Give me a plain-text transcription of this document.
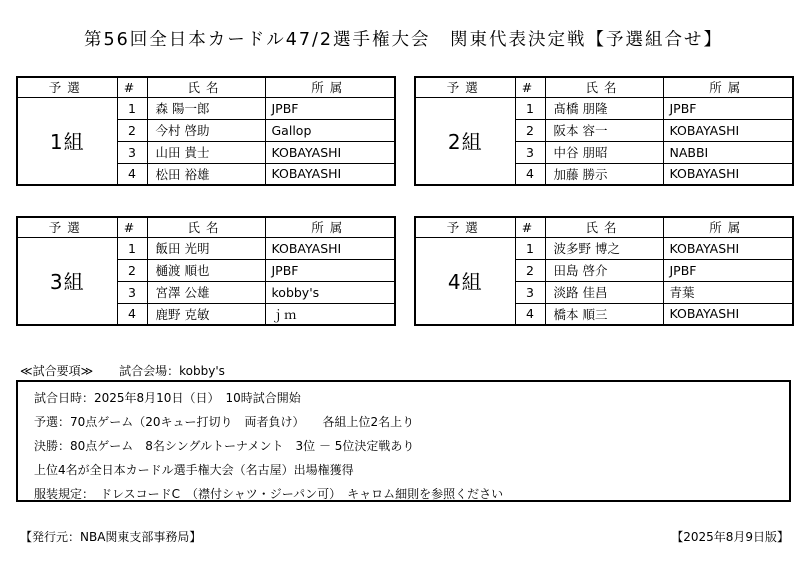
第56回全日本カードル47/2選手権大会　関東代表決定戦【予選組合せ】
予選	#	氏名	所属
1組	1	森 陽一郎	JPBF
	2	今村 啓助	Gallop
	3	山田 貴士	KOBAYASHI
	4	松田 裕雄	KOBAYASHI
予選	#	氏名	所属
2組	1	髙橋 朋隆	JPBF
	2	阪本 容一	KOBAYASHI
	3	中谷 朋昭	NABBI
	4	加藤 勝示	KOBAYASHI
予選	#	氏名	所属
3組	1	飯田 光明	KOBAYASHI
	2	樋渡 順也	JPBF
	3	宮澤 公雄	kobby's
	4	鹿野 克敏	ｊｍ
予選	#	氏名	所属
4組	1	波多野 博之	KOBAYASHI
	2	田島 啓介	JPBF
	3	淡路 佳昌	青葉
	4	橋本 順三	KOBAYASHI
≪試合要項≫ 試合会場：kobby's
試合日時：2025年8月10日（日）　10時試合開始
予選：70点ゲーム（20キュー打切り　両者負け）　　各組上位2名上り
決勝：80点ゲーム　8名シングルトーナメント　3位 － 5位決定戦あり
上位4名が全日本カードル選手権大会（名古屋）出場権獲得
服装規定：　ドレスコードC　（襟付シャツ・ジーパン可）　キャロム細則を参照ください
【発行元：NBA関東支部事務局】	【2025年8月9日版】
